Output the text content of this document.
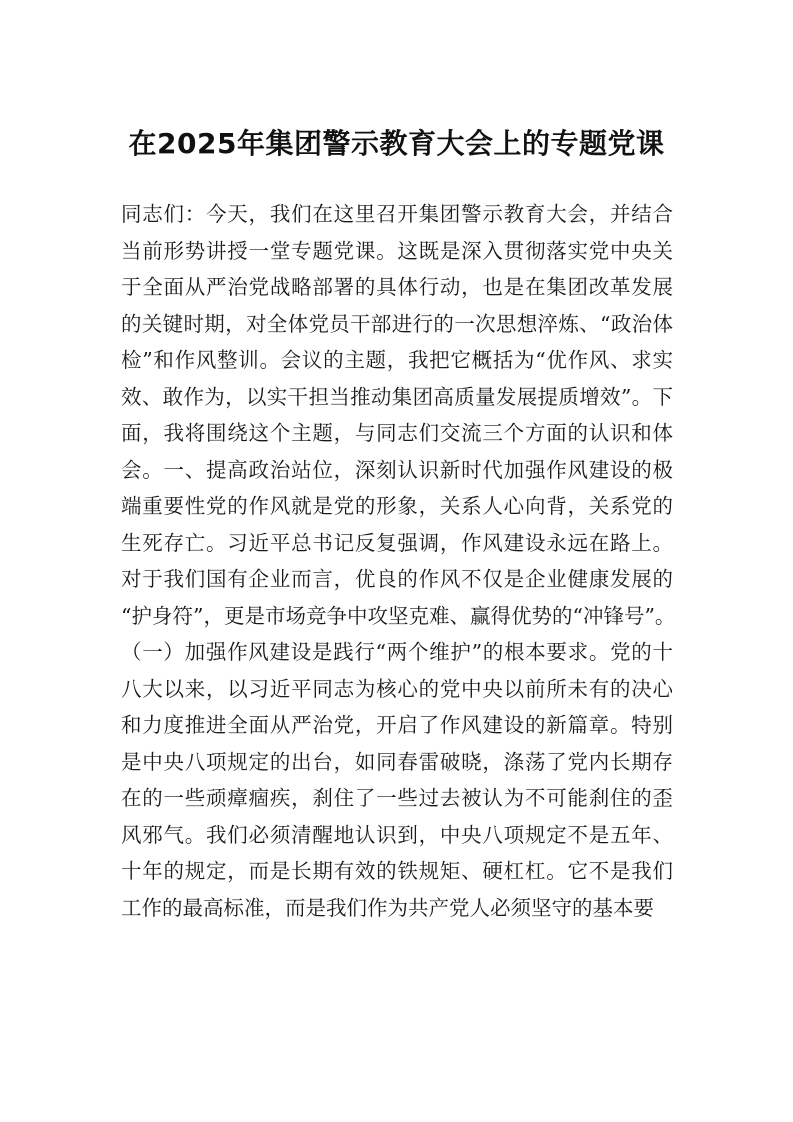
在2025年集团警示教育大会上的专题党课
同志们：今天，我们在这里召开集团警示教育大会，并结合
当前形势讲授一堂专题党课。这既是深入贯彻落实党中央关
于全面从严治党战略部署的具体行动，也是在集团改革发展
的关键时期，对全体党员干部进行的一次思想淬炼、“政治体
检”和作风整训。会议的主题，我把它概括为“优作风、求实
效、敢作为，以实干担当推动集团高质量发展提质增效”。下
面，我将围绕这个主题，与同志们交流三个方面的认识和体
会。一、提高政治站位，深刻认识新时代加强作风建设的极
端重要性党的作风就是党的形象，关系人心向背，关系党的
生死存亡。习近平总书记反复强调，作风建设永远在路上。
对于我们国有企业而言，优良的作风不仅是企业健康发展的
“护身符”，更是市场竞争中攻坚克难、赢得优势的“冲锋号”。
（一）加强作风建设是践行“两个维护”的根本要求。党的十
八大以来，以习近平同志为核心的党中央以前所未有的决心
和力度推进全面从严治党，开启了作风建设的新篇章。特别
是中央八项规定的出台，如同春雷破晓，涤荡了党内长期存
在的一些顽瘴痼疾，刹住了一些过去被认为不可能刹住的歪
风邪气。我们必须清醒地认识到，中央八项规定不是五年、
十年的规定，而是长期有效的铁规矩、硬杠杠。它不是我们
工作的最高标准，而是我们作为共产党人必须坚守的基本要
